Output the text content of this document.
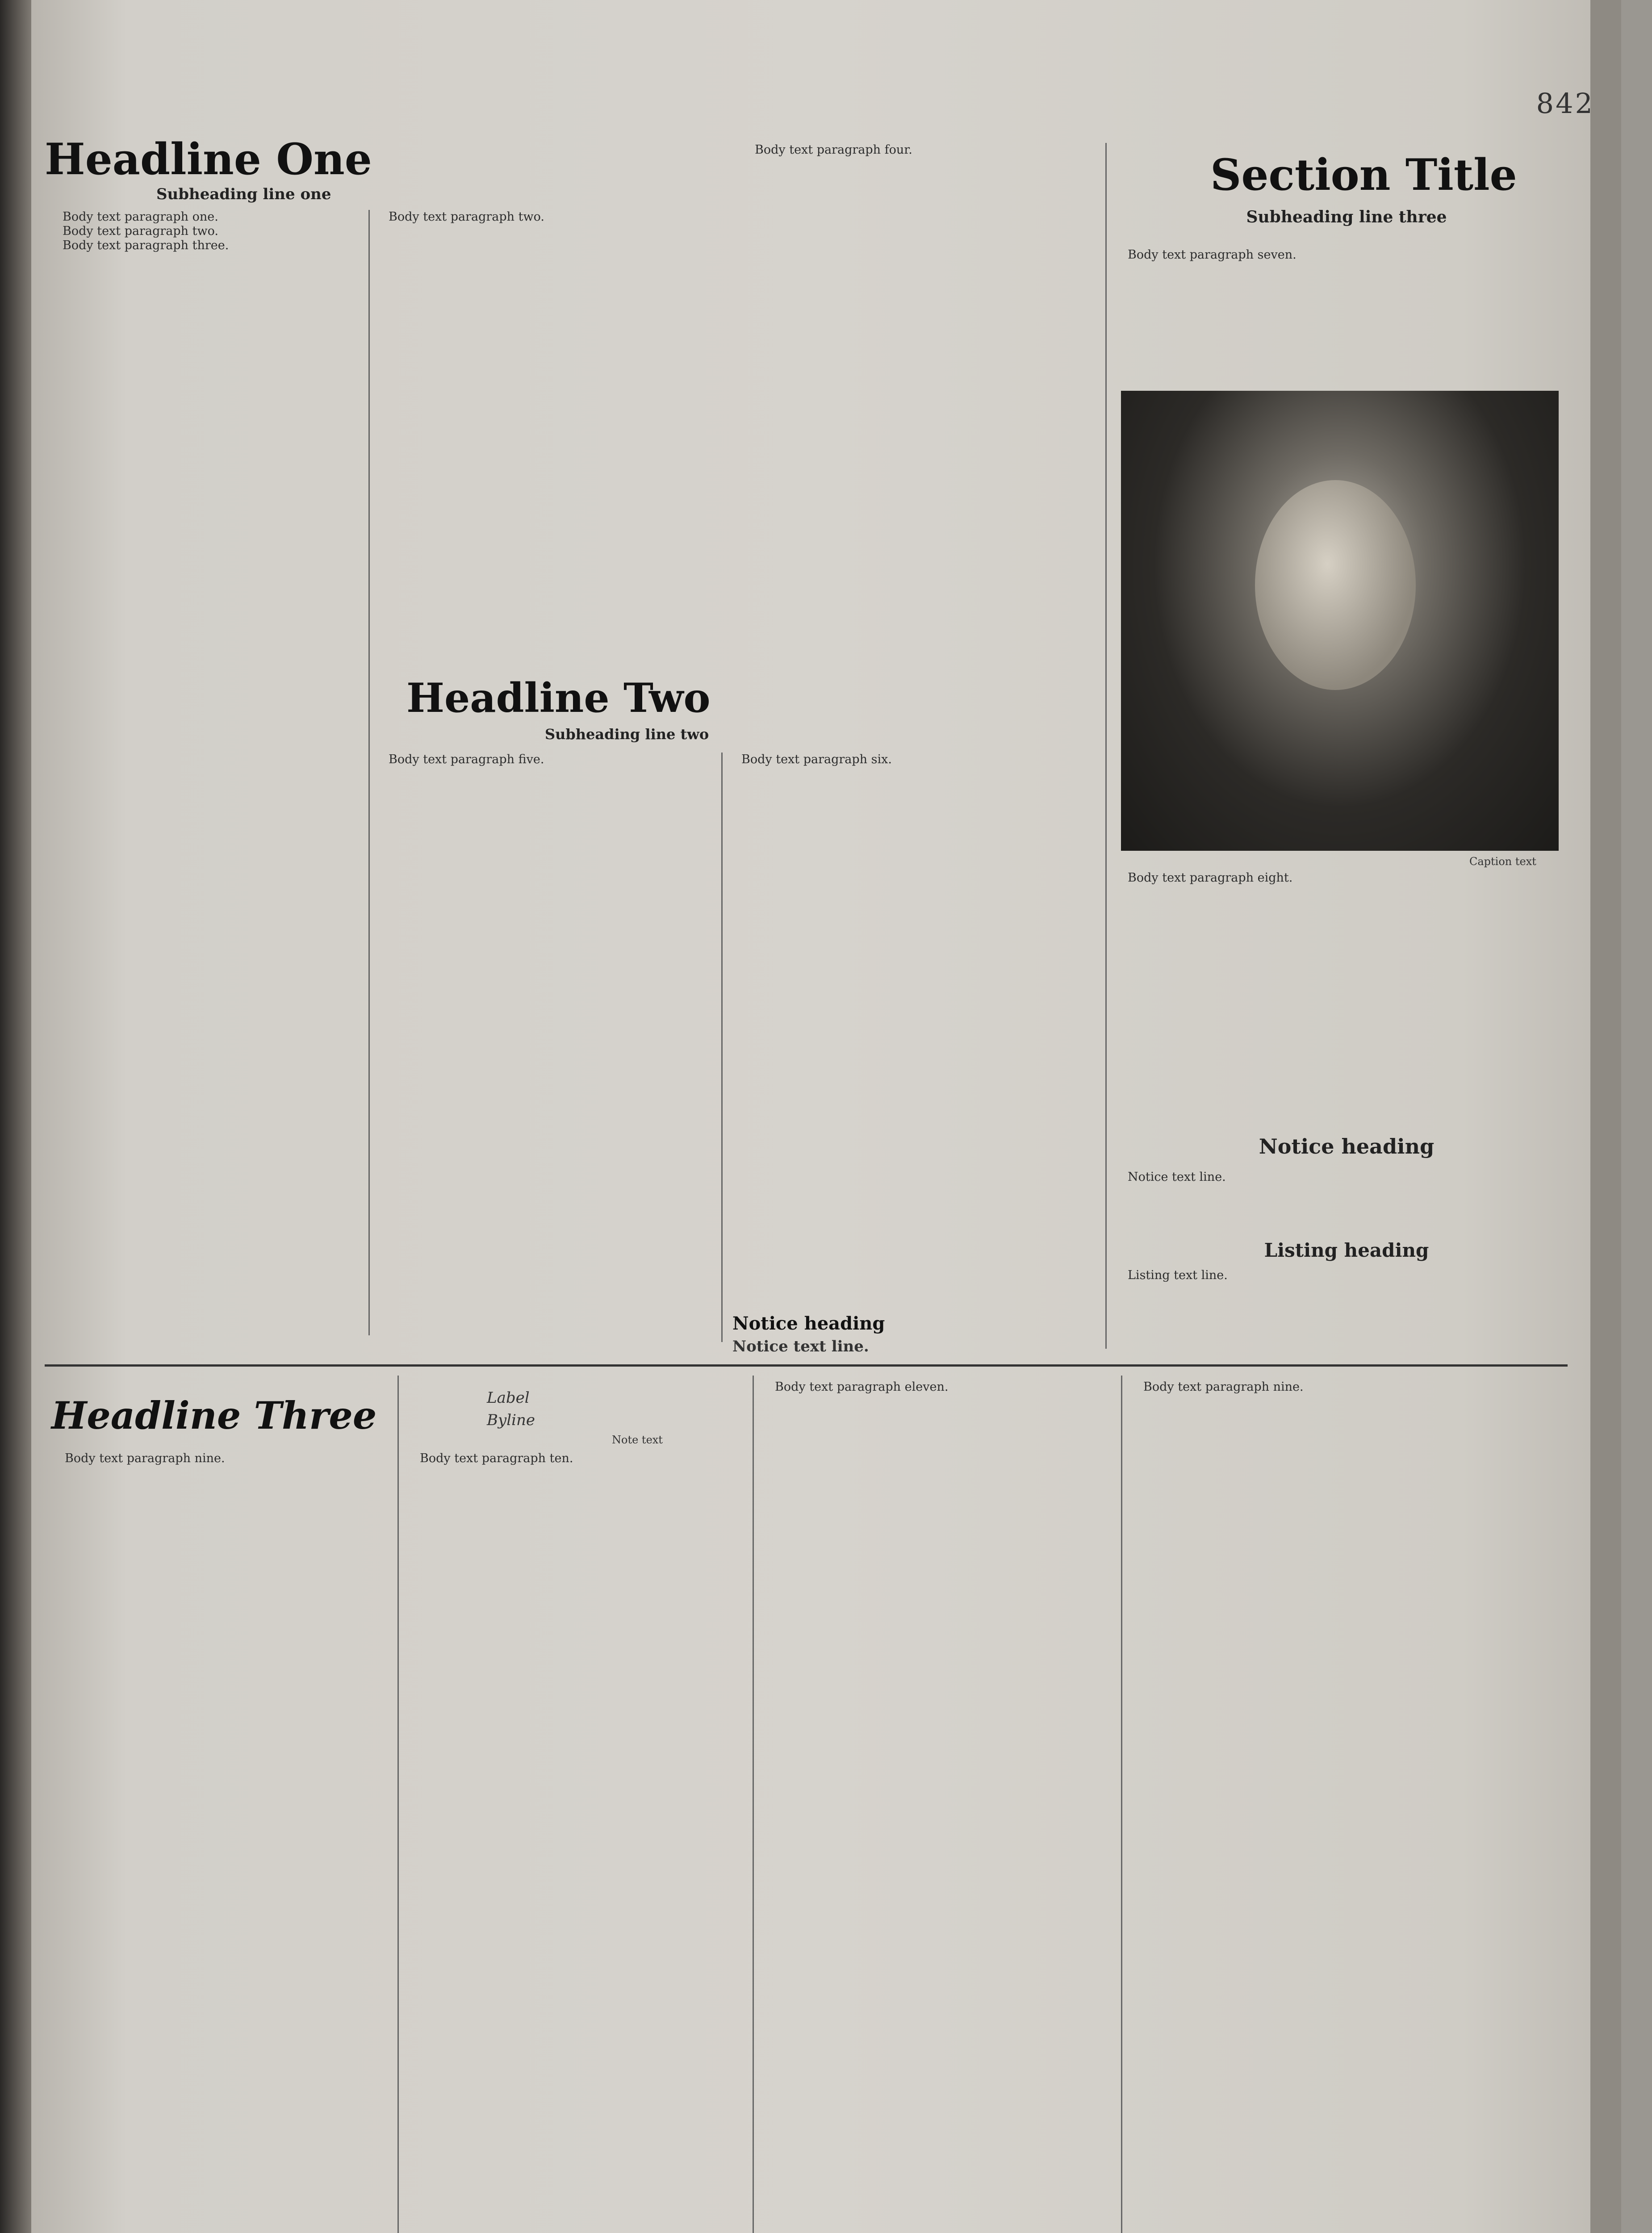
842
Headline One
Subheading line one

Body text paragraph one.

Body text paragraph two.

Body text paragraph three.

Body text paragraph two.

Body text paragraph four.

Headline Two
Subheading line two

Body text paragraph five.	Body text paragraph six.

Notice heading
Notice text line.
Section Title
Subheading line three

Body text paragraph seven.

Caption text

Body text paragraph eight.

Notice heading

Notice text line.

Listing heading

Listing text line.

Headline Three	Label
Byline
Note text

Body text paragraph nine.	Body text paragraph ten.

Body text paragraph eleven.	Body text paragraph nine.
